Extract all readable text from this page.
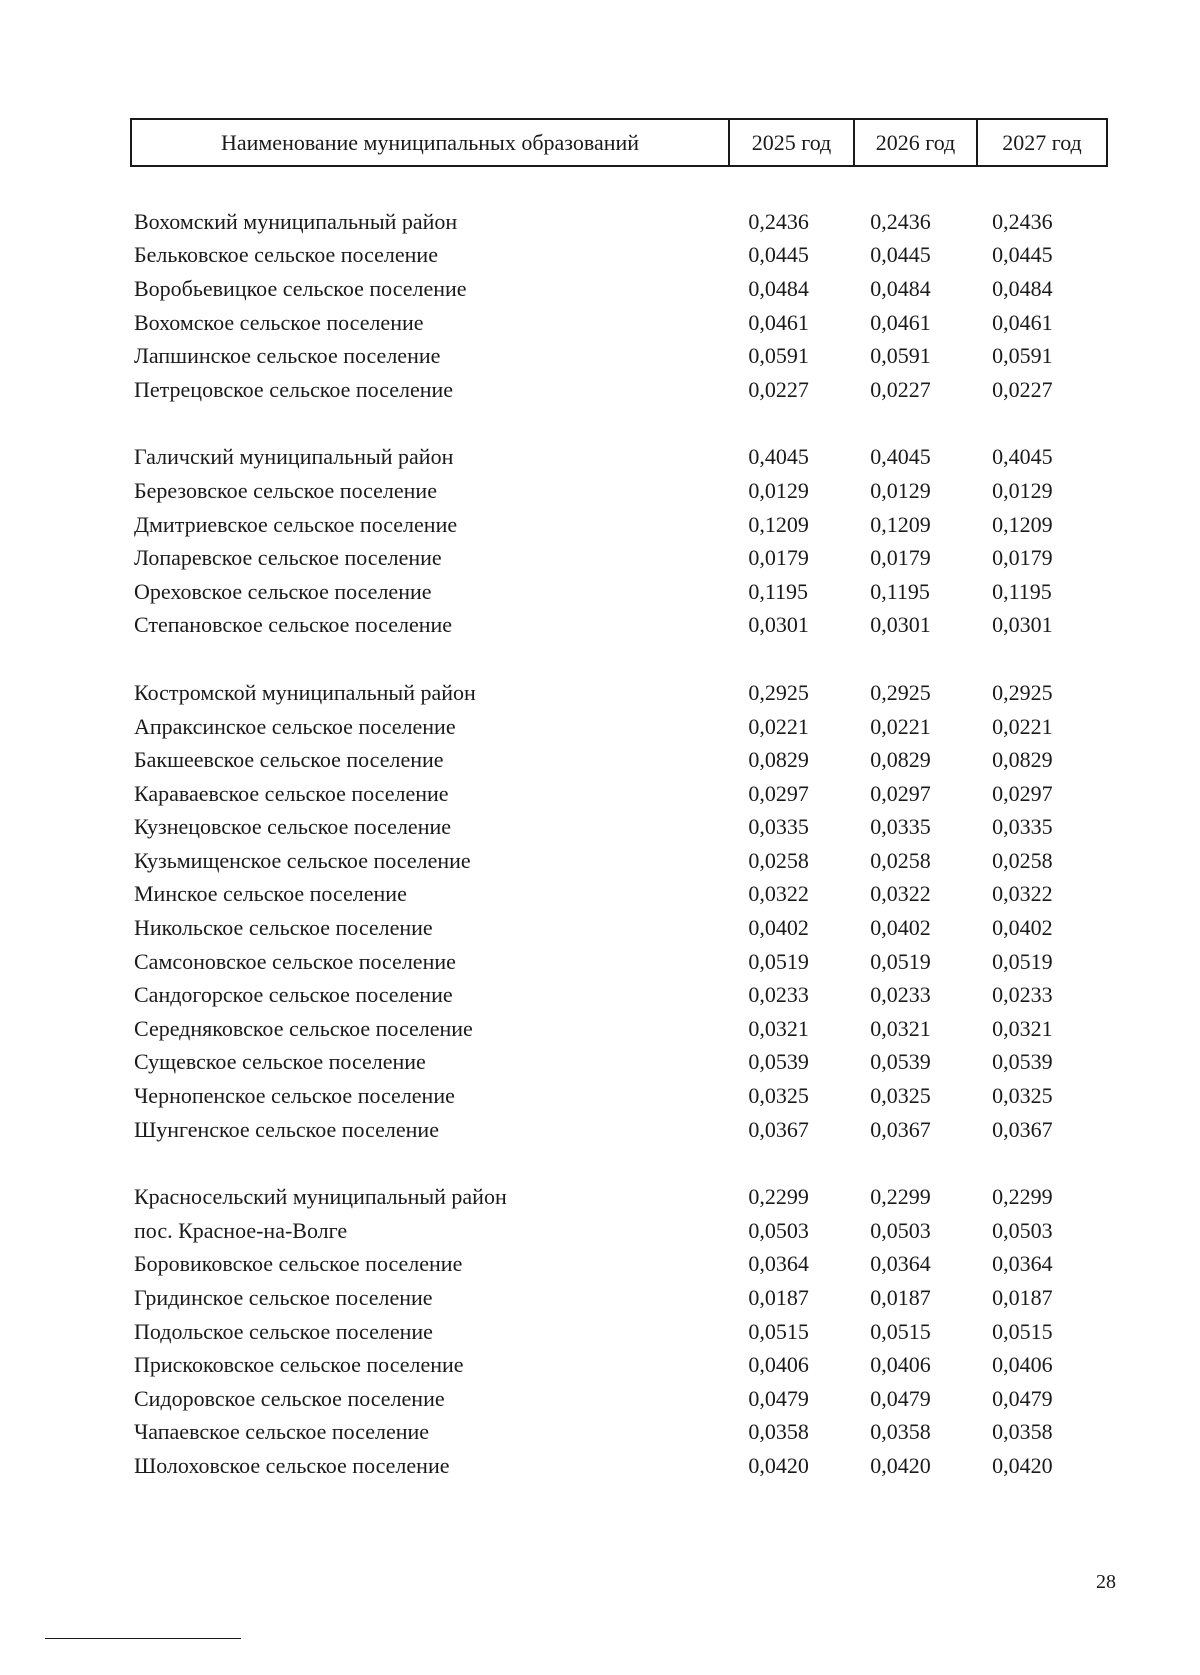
Наименование муниципальных образований	2025 год	2026 год	2027 год
Вохомский муниципальный район	0,2436	0,2436	0,2436
Бельковское сельское поселение	0,0445	0,0445	0,0445
Воробьевицкое сельское поселение	0,0484	0,0484	0,0484
Вохомское сельское поселение	0,0461	0,0461	0,0461
Лапшинское сельское поселение	0,0591	0,0591	0,0591
Петрецовское сельское поселение	0,0227	0,0227	0,0227
Галичский муниципальный район	0,4045	0,4045	0,4045
Березовское сельское поселение	0,0129	0,0129	0,0129
Дмитриевское сельское поселение	0,1209	0,1209	0,1209
Лопаревское сельское поселение	0,0179	0,0179	0,0179
Ореховское сельское поселение	0,1195	0,1195	0,1195
Степановское сельское поселение	0,0301	0,0301	0,0301
Костромской муниципальный район	0,2925	0,2925	0,2925
Апраксинское сельское поселение	0,0221	0,0221	0,0221
Бакшеевское сельское поселение	0,0829	0,0829	0,0829
Караваевское сельское поселение	0,0297	0,0297	0,0297
Кузнецовское сельское поселение	0,0335	0,0335	0,0335
Кузьмищенское сельское поселение	0,0258	0,0258	0,0258
Минское сельское поселение	0,0322	0,0322	0,0322
Никольское сельское поселение	0,0402	0,0402	0,0402
Самсоновское сельское поселение	0,0519	0,0519	0,0519
Сандогорское сельское поселение	0,0233	0,0233	0,0233
Середняковское сельское поселение	0,0321	0,0321	0,0321
Сущевское сельское поселение	0,0539	0,0539	0,0539
Чернопенское сельское поселение	0,0325	0,0325	0,0325
Шунгенское сельское поселение	0,0367	0,0367	0,0367
Красносельский муниципальный район	0,2299	0,2299	0,2299
пос. Красное-на-Волге	0,0503	0,0503	0,0503
Боровиковское сельское поселение	0,0364	0,0364	0,0364
Гридинское сельское поселение	0,0187	0,0187	0,0187
Подольское сельское поселение	0,0515	0,0515	0,0515
Прискоковское сельское поселение	0,0406	0,0406	0,0406
Сидоровское сельское поселение	0,0479	0,0479	0,0479
Чапаевское сельское поселение	0,0358	0,0358	0,0358
Шолоховское сельское поселение	0,0420	0,0420	0,0420
28
